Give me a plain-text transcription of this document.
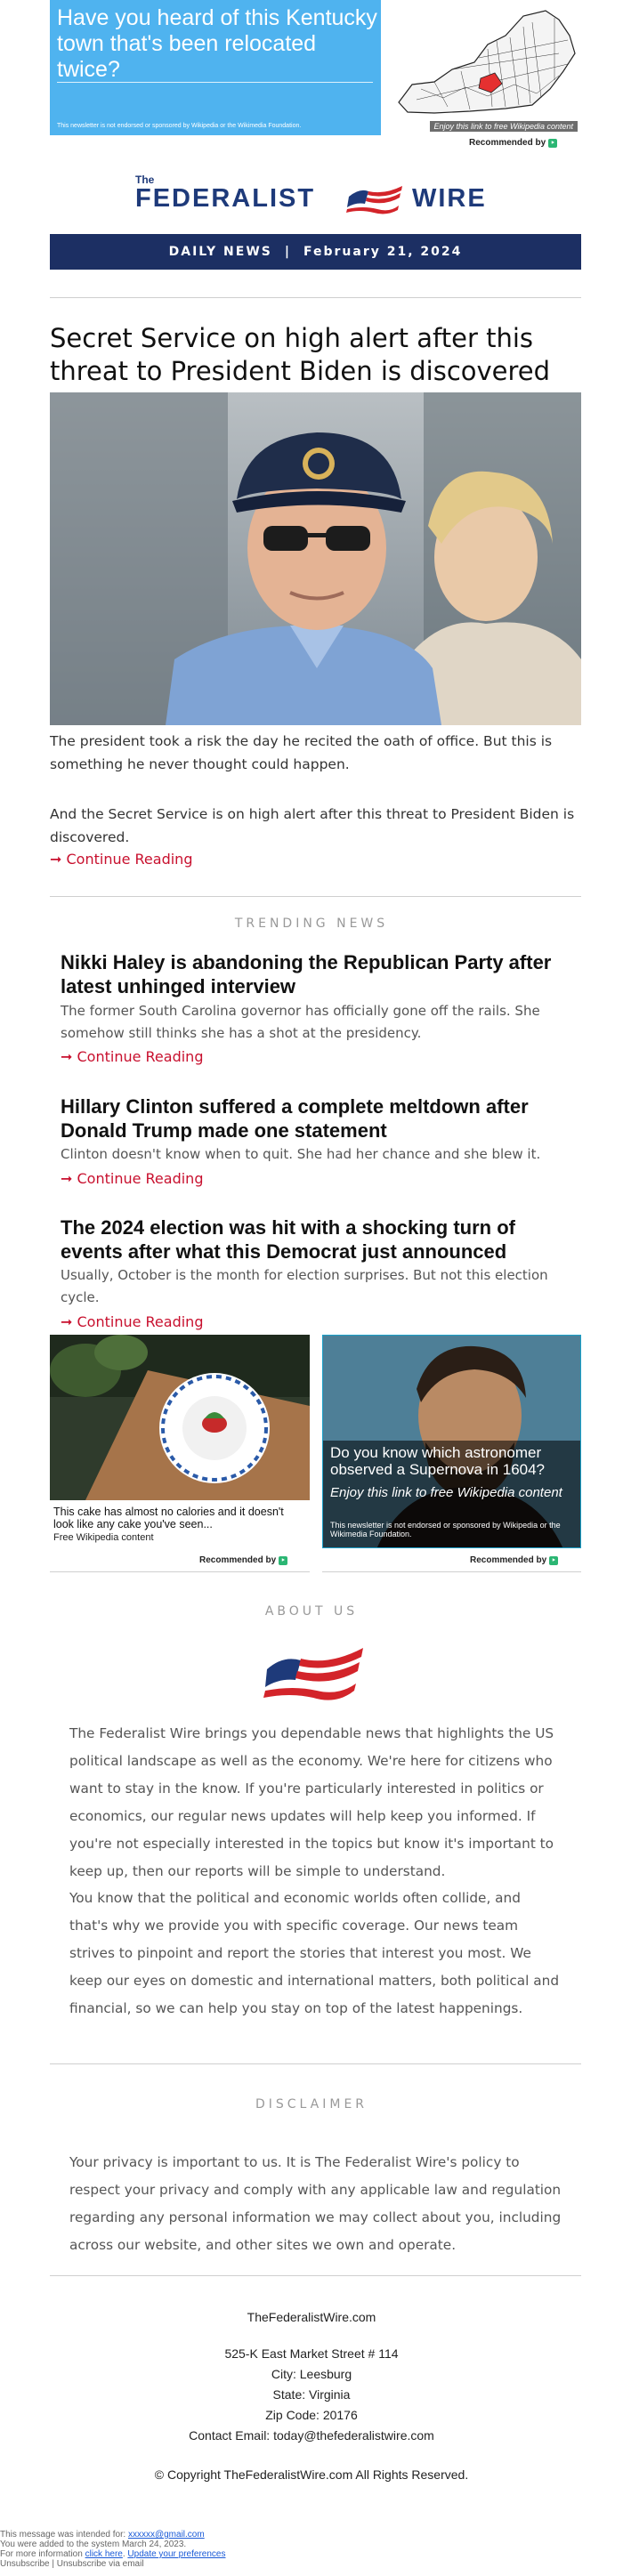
Have you heard of this Kentucky town that's been relocated twice?
This newsletter is not endorsed or sponsored by Wikipedia or the Wikimedia Foundation.	Enjoy this link to free Wikipedia content
Recommended by ‣
The
FEDERALIST	WIRE
DAILY NEWS | February 21, 2024
Secret Service on high alert after this threat to President Biden is discovered
The president took a risk the day he recited the oath of office. But this is something he never thought could happen.
And the Secret Service is on high alert after this threat to President Biden is discovered.
➞ Continue Reading
TRENDING NEWS
Nikki Haley is abandoning the Republican Party after latest unhinged interview
The former South Carolina governor has officially gone off the rails. She somehow still thinks she has a shot at the presidency.
➞ Continue Reading
Hillary Clinton suffered a complete meltdown after Donald Trump made one statement
Clinton doesn't know when to quit. She had her chance and she blew it.
➞ Continue Reading
The 2024 election was hit with a shocking turn of events after what this Democrat just announced
Usually, October is the month for election surprises. But not this election cycle.
➞ Continue Reading
This cake has almost no calories and it doesn't look like any cake you've seen...
Free Wikipedia content
Recommended by ‣
Do you know which astronomer observed a Supernova in 1604?
Enjoy this link to free Wikipedia content
This newsletter is not endorsed or sponsored by Wikipedia or the Wikimedia Foundation.
Recommended by ‣
ABOUT US
The Federalist Wire brings you dependable news that highlights the US political landscape as well as the economy. We're here for citizens who want to stay in the know. If you're particularly interested in politics or economics, our regular news updates will help keep you informed. If you're not especially interested in the topics but know it's important to keep up, then our reports will be simple to understand.
You know that the political and economic worlds often collide, and that's why we provide you with specific coverage. Our news team strives to pinpoint and report the stories that interest you most. We keep our eyes on domestic and international matters, both political and financial, so we can help you stay on top of the latest happenings.
DISCLAIMER
Your privacy is important to us. It is The Federalist Wire's policy to respect your privacy and comply with any applicable law and regulation regarding any personal information we may collect about you, including across our website, and other sites we own and operate.
TheFederalistWire.com
525-K East Market Street # 114
City: Leesburg
State: Virginia
Zip Code: 20176
Contact Email: today@thefederalistwire.com
© Copyright TheFederalistWire.com All Rights Reserved.
This message was intended for: xxxxxx@gmail.com
You were added to the system March 24, 2023.
For more information click here. Update your preferences
Unsubscribe | Unsubscribe via email
